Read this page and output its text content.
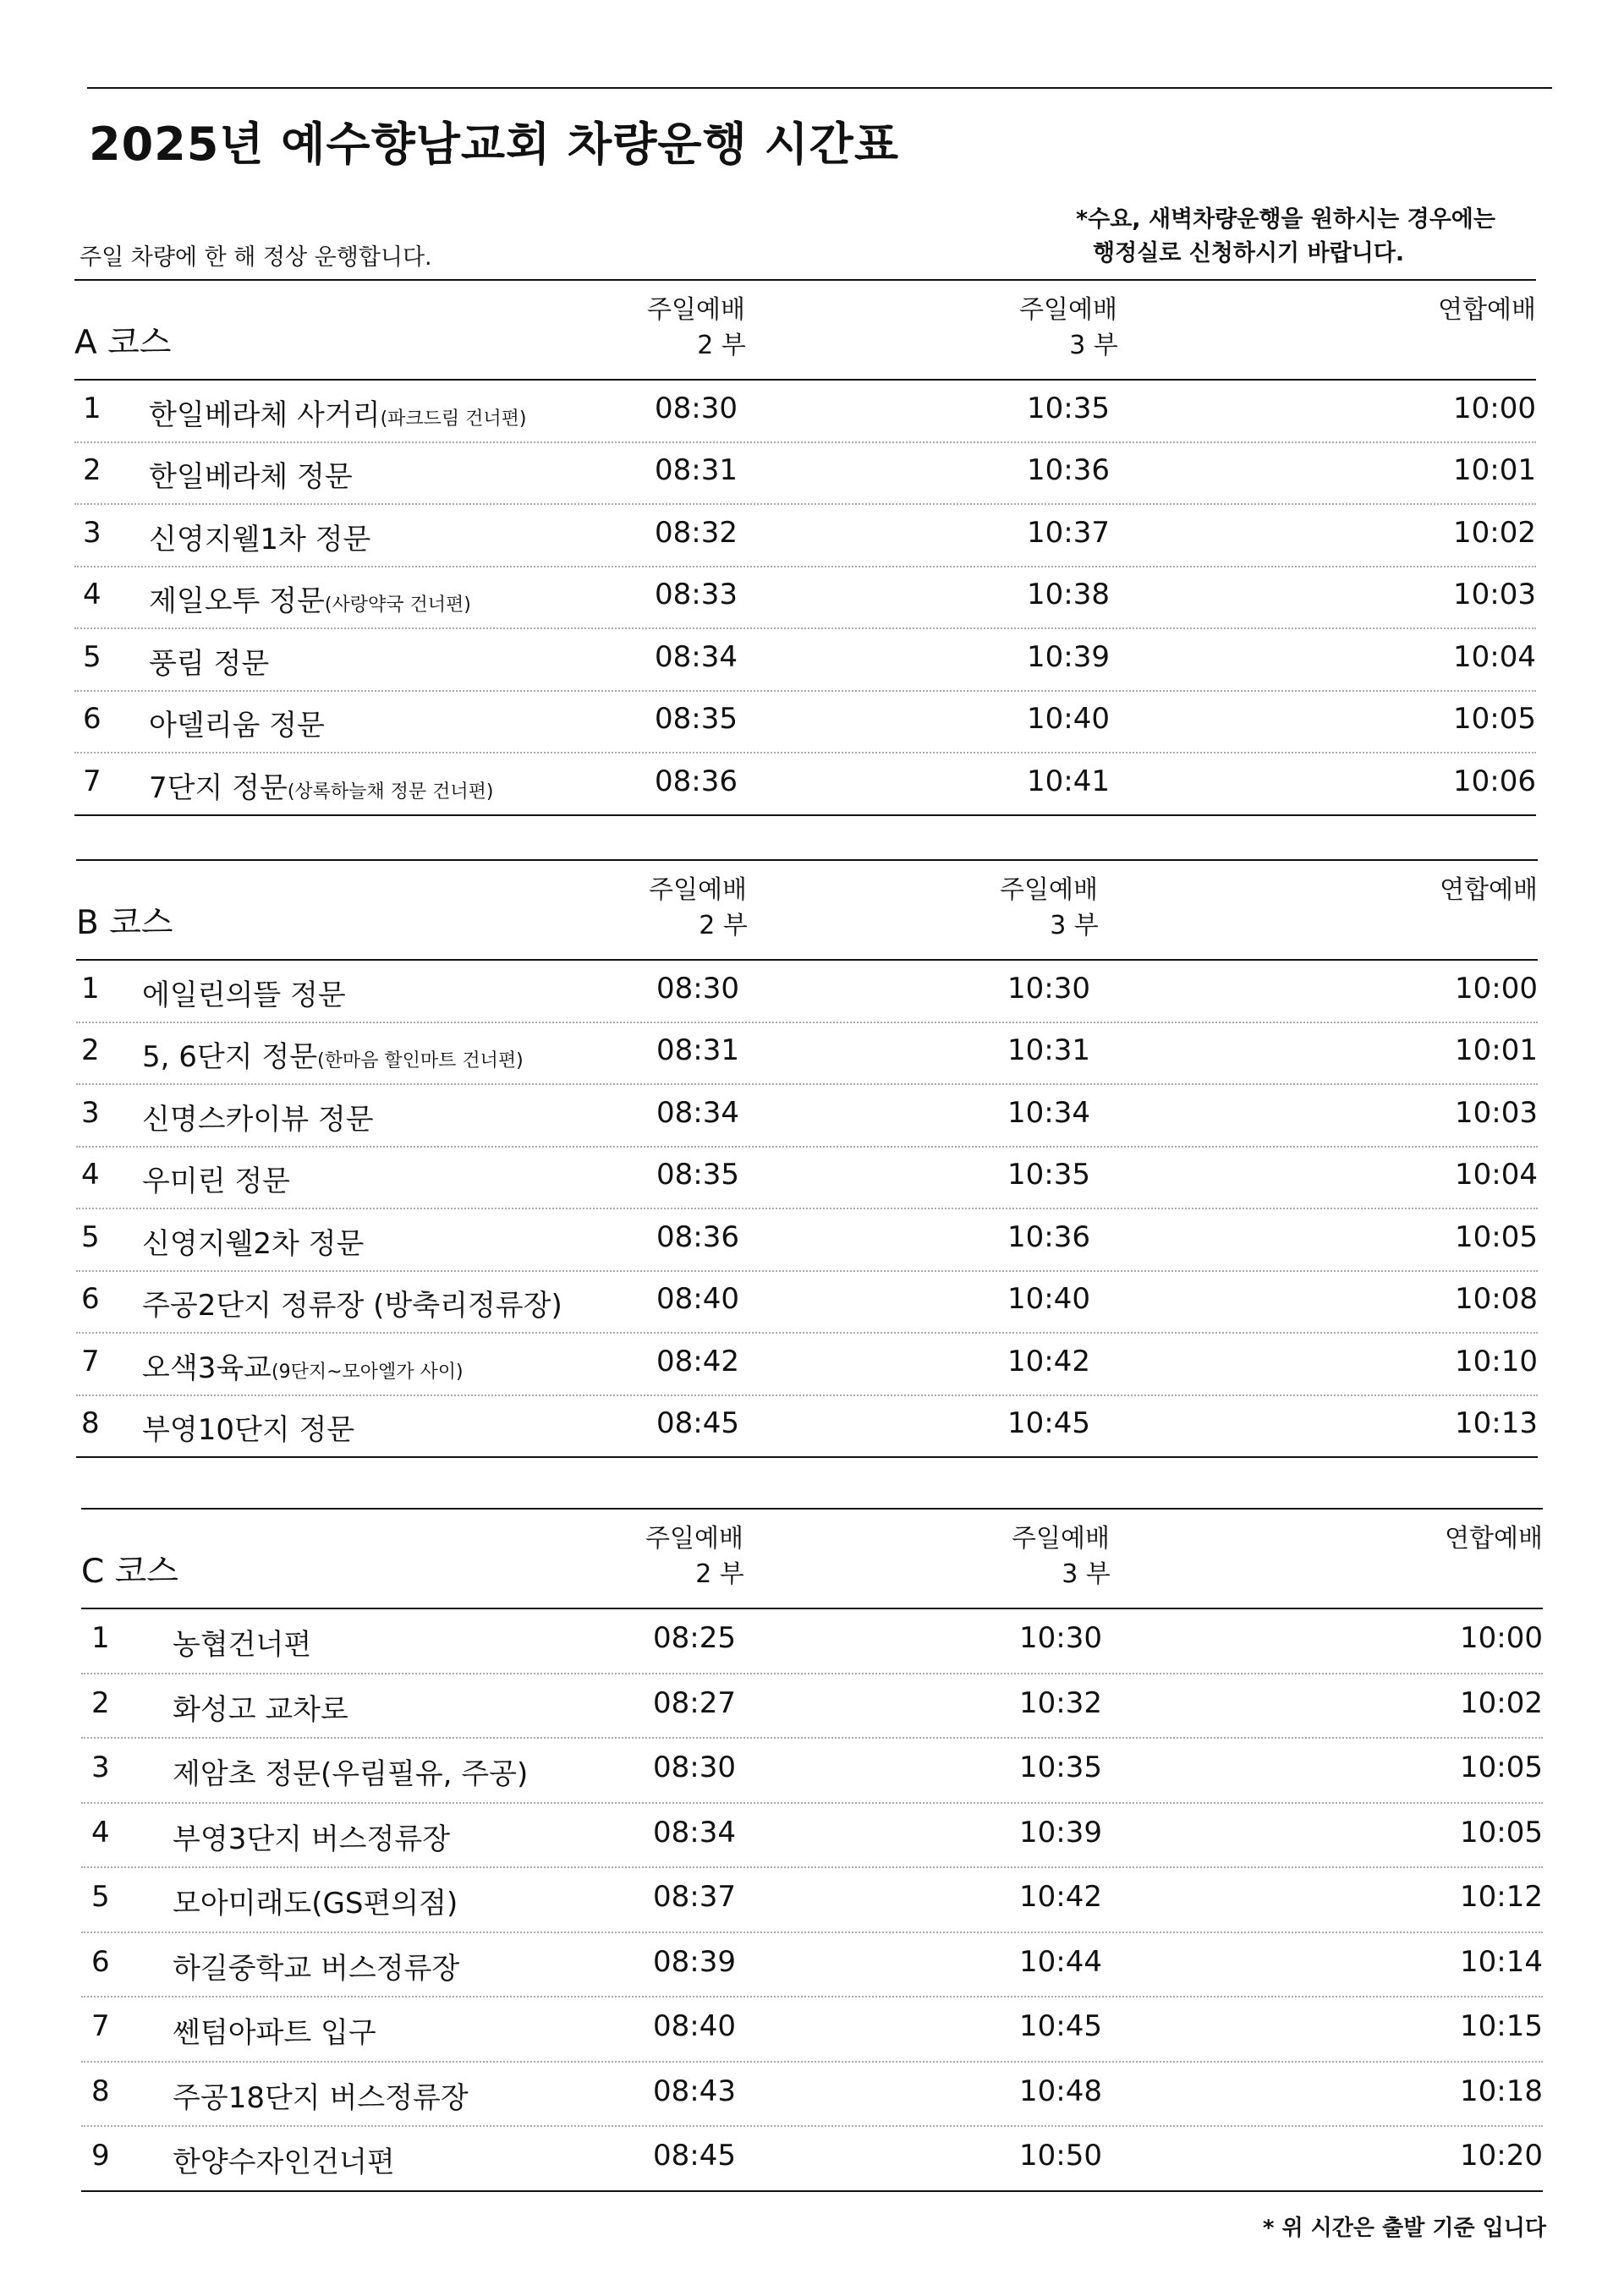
2025년 예수향남교회 차량운행 시간표
주일 차량에 한 해 정상 운행합니다.
*수요, 새벽차량운행을 원하시는 경우에는
행정실로 신청하시기 바랍니다.
A 코스
주일예배
2 부
주일예배
3 부
연합예배
1 한일베라체 사거리(파크드림 건너편)	08:30	10:35	10:00
2 한일베라체 정문	08:31	10:36	10:01
3 신영지웰1차 정문	08:32	10:37	10:02
4 제일오투 정문(사랑약국 건너편)	08:33	10:38	10:03
5 풍림 정문	08:34	10:39	10:04
6 아델리움 정문	08:35	10:40	10:05
7 7단지 정문(상록하늘채 정문 건너편)	08:36	10:41	10:06
B 코스
주일예배
2 부
주일예배
3 부
연합예배
1 에일린의뜰 정문	08:30	10:30	10:00
2 5, 6단지 정문(한마음 할인마트 건너편)	08:31	10:31	10:01
3 신명스카이뷰 정문	08:34	10:34	10:03
4 우미린 정문	08:35	10:35	10:04
5 신영지웰2차 정문	08:36	10:36	10:05
6 주공2단지 정류장 (방축리정류장)	08:40	10:40	10:08
7 오색3육교(9단지~모아엘가 사이)	08:42	10:42	10:10
8 부영10단지 정문	08:45	10:45	10:13
C 코스
주일예배
2 부
주일예배
3 부
연합예배
1 농협건너편	08:25	10:30	10:00
2 화성고 교차로	08:27	10:32	10:02
3 제암초 정문(우림필유, 주공)	08:30	10:35	10:05
4 부영3단지 버스정류장	08:34	10:39	10:05
5 모아미래도(GS편의점)	08:37	10:42	10:12
6 하길중학교 버스정류장	08:39	10:44	10:14
7 쎈텀아파트 입구	08:40	10:45	10:15
8 주공18단지 버스정류장	08:43	10:48	10:18
9 한양수자인건너편	08:45	10:50	10:20
* 위 시간은 출발 기준 입니다
